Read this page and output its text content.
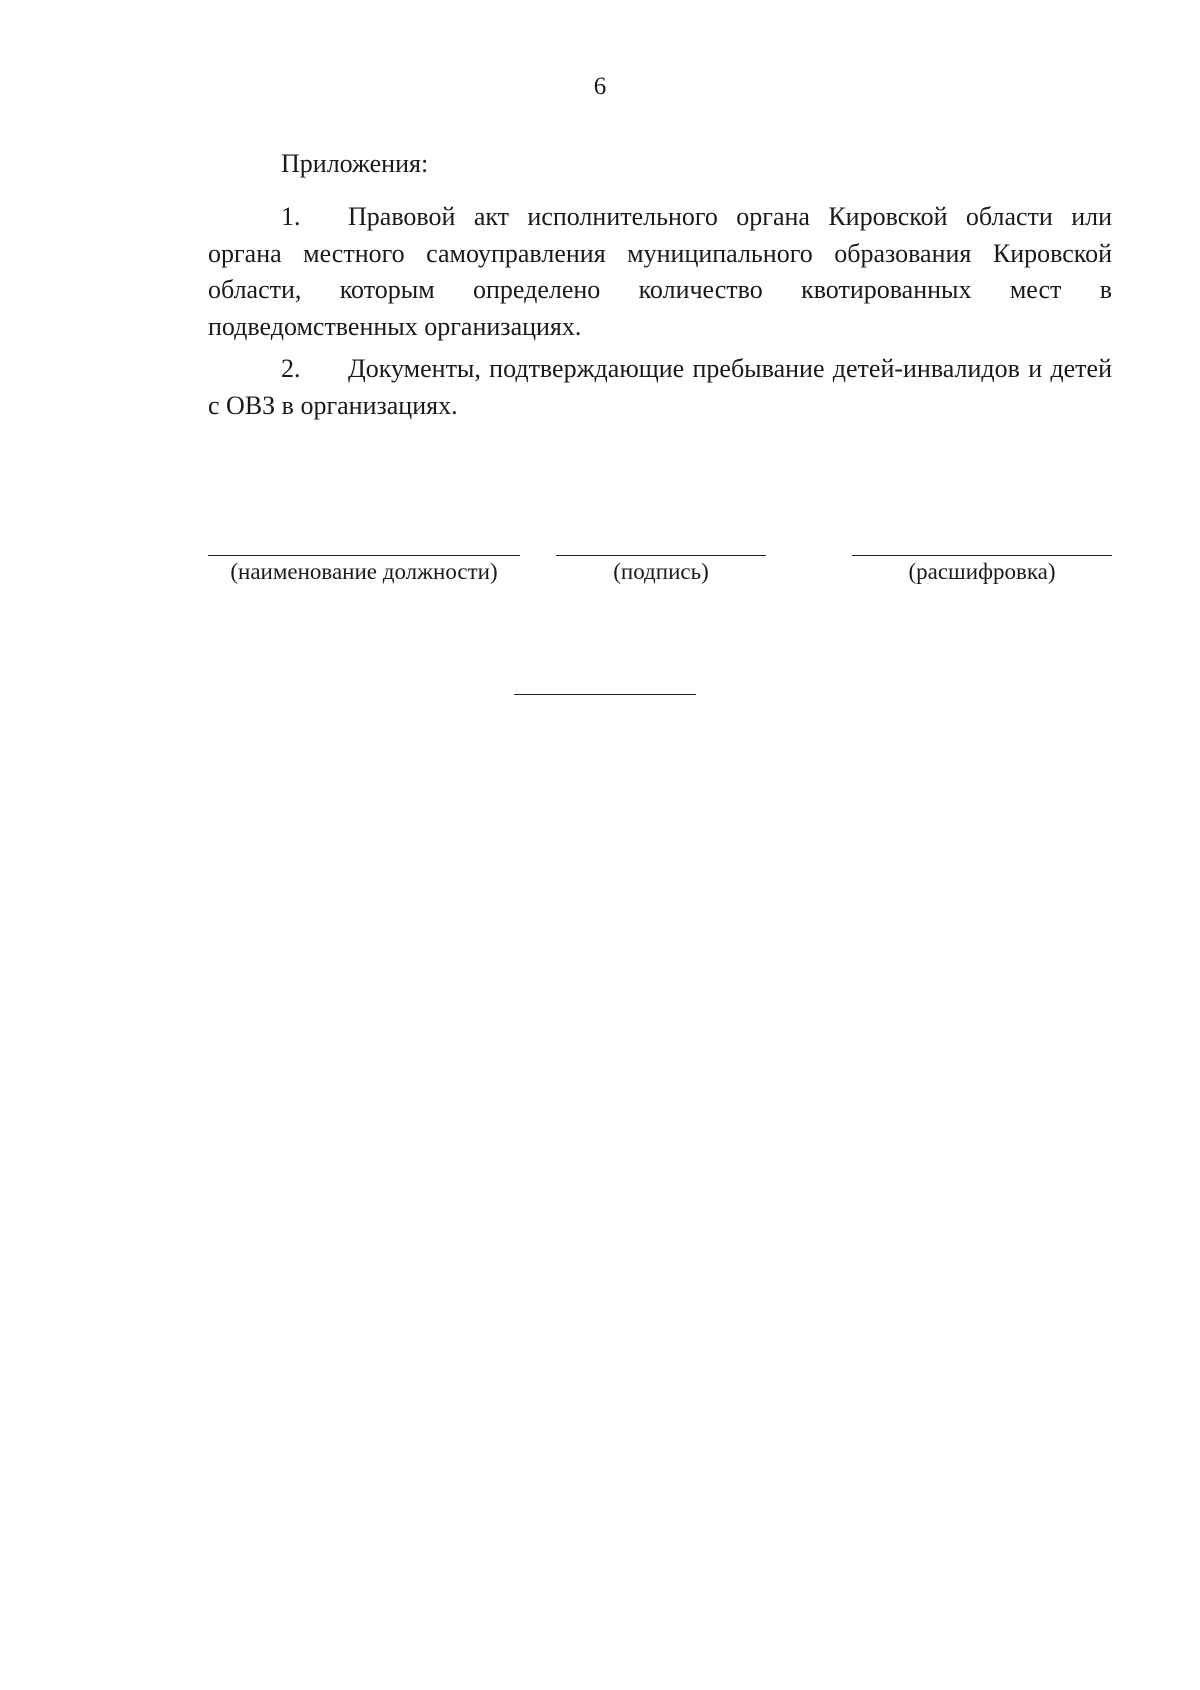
6
Приложения:
1. Правовой акт исполнительного органа Кировской области или органа местного самоуправления муниципального образования Кировской области, которым определено количество квотированных мест в подведомственных организациях.
2. Документы, подтверждающие пребывание детей-инвалидов и детей с ОВЗ в организациях.
(наименование должности)	(подпись)	(расшифровка)
